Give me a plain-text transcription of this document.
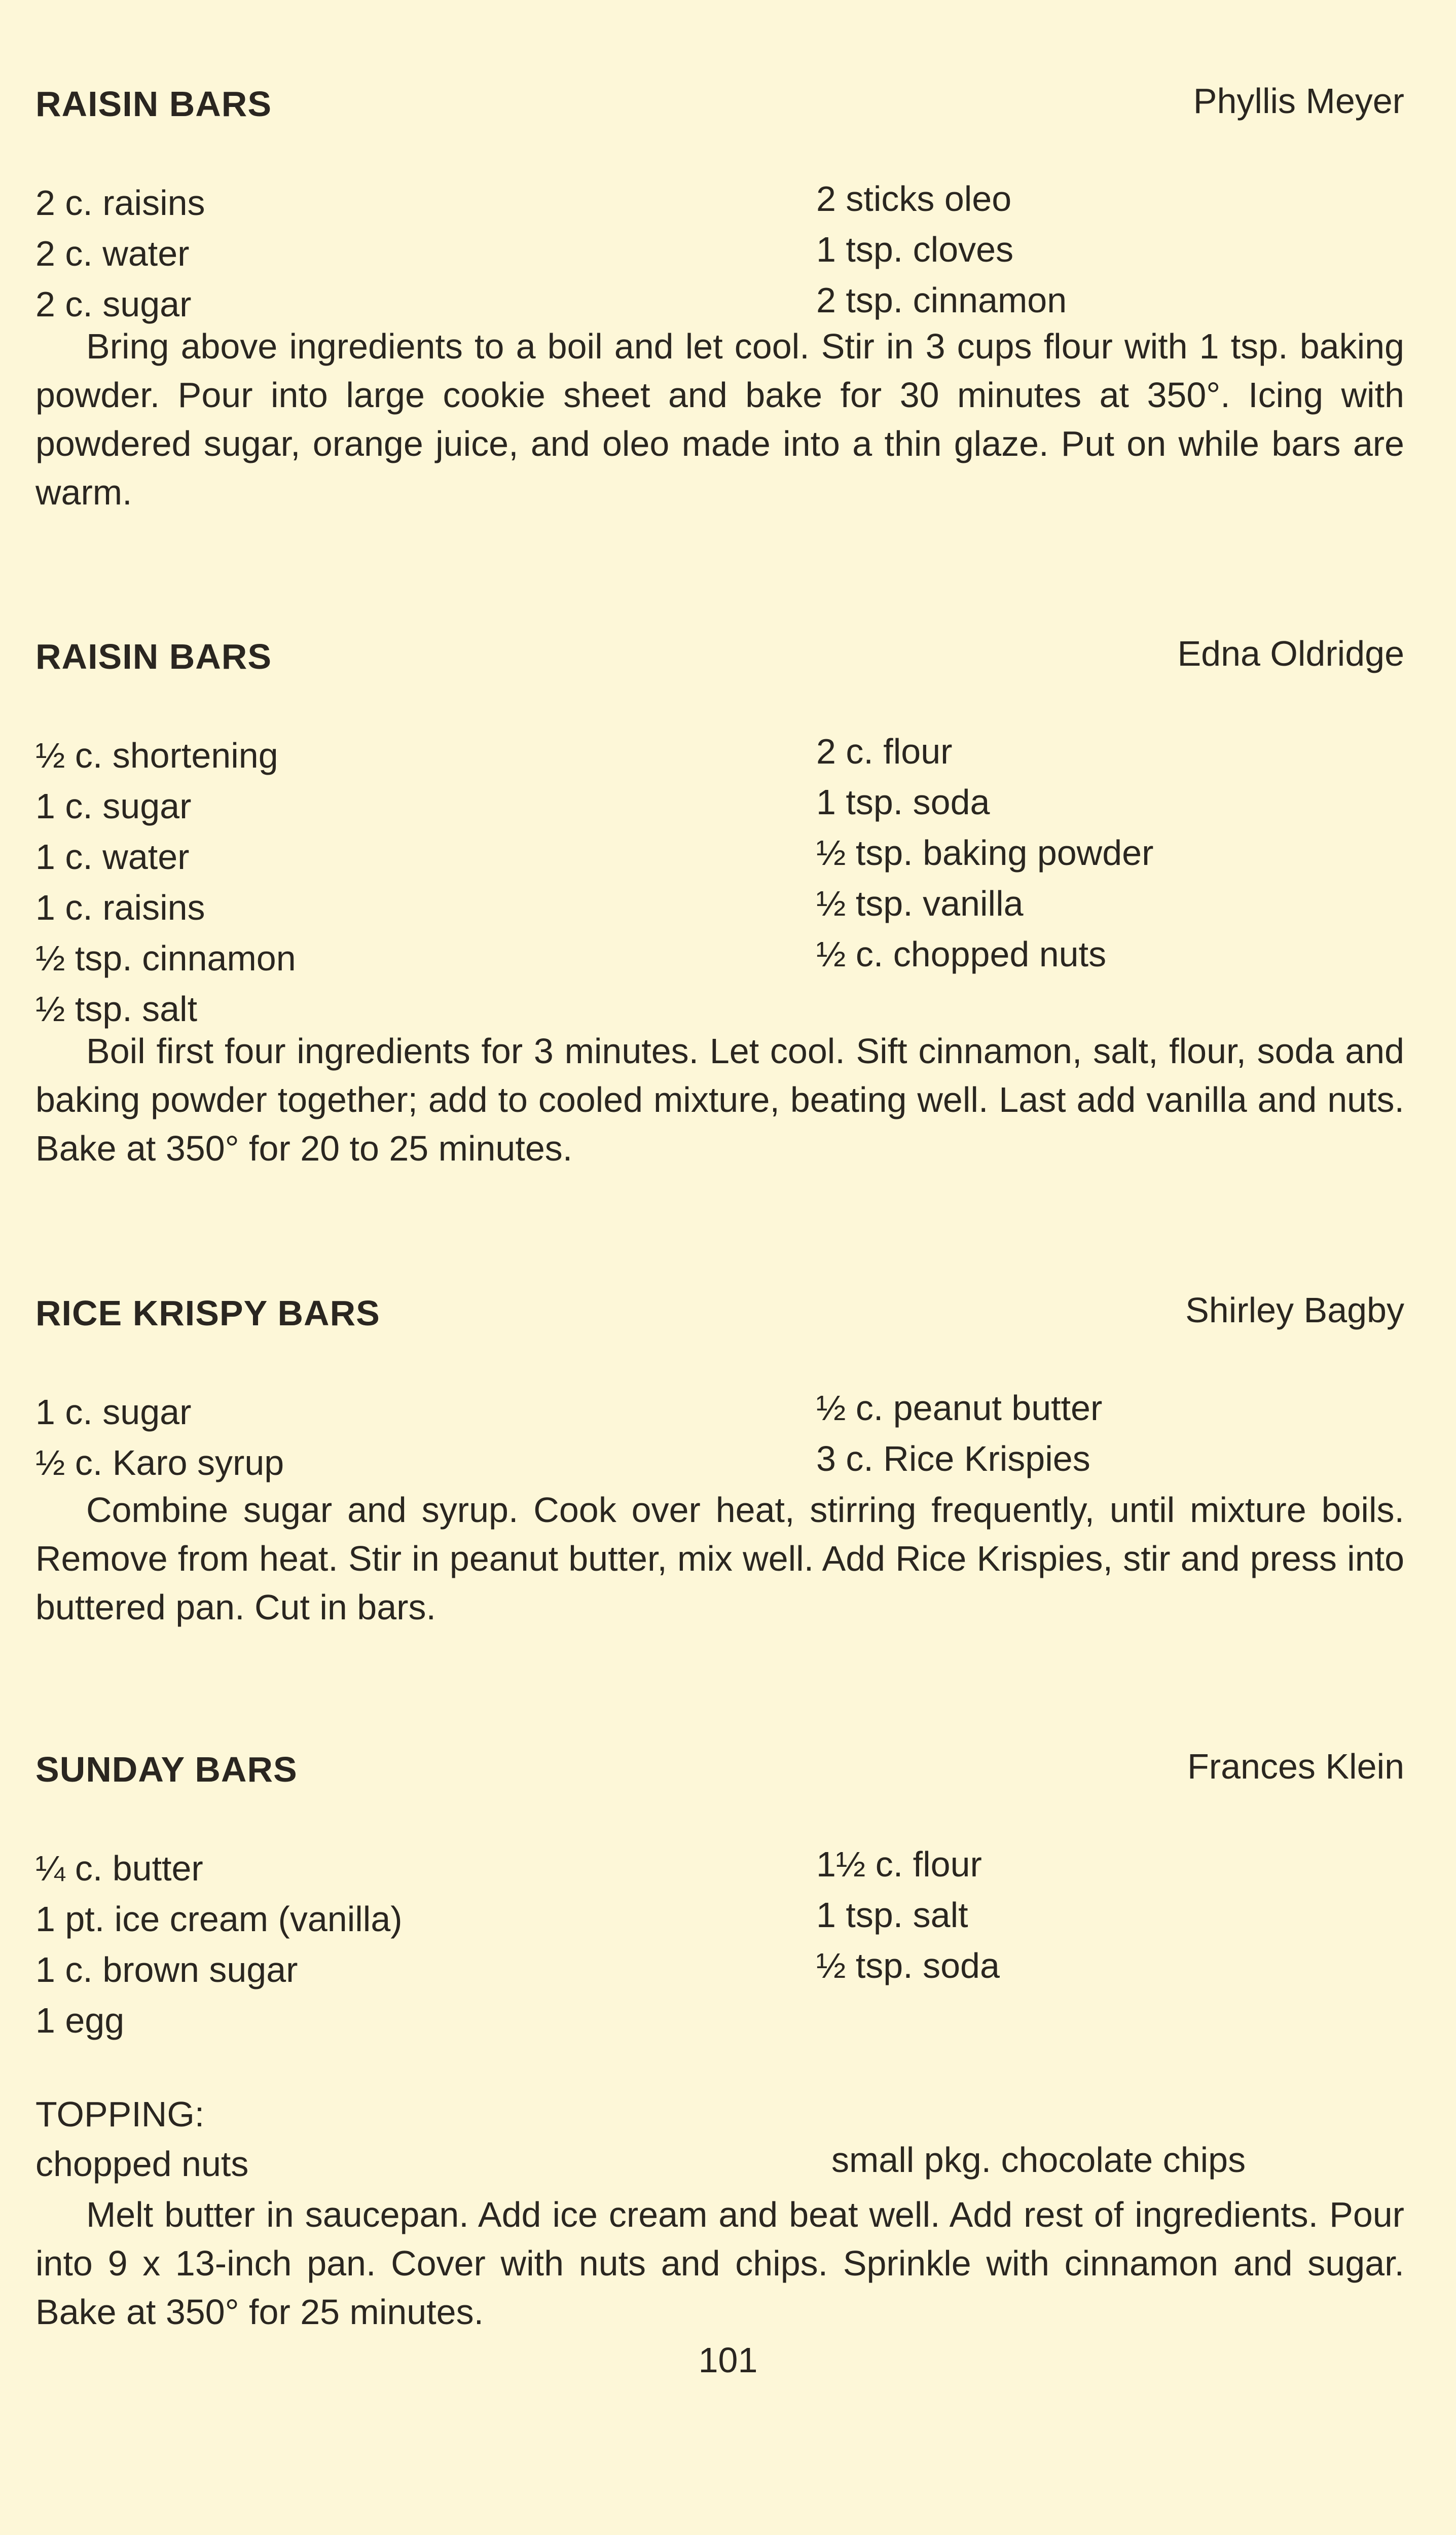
RAISIN BARS	Phyllis Meyer
2 c. raisins
2 c. water
2 c. sugar
2 sticks oleo
1 tsp. cloves
2 tsp. cinnamon
Bring above ingredients to a boil and let cool. Stir in 3 cups flour with 1 tsp. baking powder. Pour into large cookie sheet and bake for 30 minutes at 350°. Icing with powdered sugar, orange juice, and oleo made into a thin glaze. Put on while bars are warm.
RAISIN BARS	Edna Oldridge
½ c. shortening
1 c. sugar
1 c. water
1 c. raisins
½ tsp. cinnamon
½ tsp. salt
2 c. flour
1 tsp. soda
½ tsp. baking powder
½ tsp. vanilla
½ c. chopped nuts
Boil first four ingredients for 3 minutes. Let cool. Sift cinnamon, salt, flour, soda and baking powder together; add to cooled mixture, beating well. Last add vanilla and nuts. Bake at 350° for 20 to 25 minutes.
RICE KRISPY BARS	Shirley Bagby
1 c. sugar
½ c. Karo syrup
½ c. peanut butter
3 c. Rice Krispies
Combine sugar and syrup. Cook over heat, stirring frequently, until mixture boils. Remove from heat. Stir in peanut butter, mix well. Add Rice Krispies, stir and press into buttered pan. Cut in bars.
SUNDAY BARS	Frances Klein
¼ c. butter
1 pt. ice cream (vanilla)
1 c. brown sugar
1 egg
1½ c. flour
1 tsp. salt
½ tsp. soda
TOPPING:
chopped nuts	small pkg. chocolate chips
Melt butter in saucepan. Add ice cream and beat well. Add rest of ingredients. Pour into 9 x 13-inch pan. Cover with nuts and chips. Sprinkle with cinnamon and sugar. Bake at 350° for 25 minutes.
101
